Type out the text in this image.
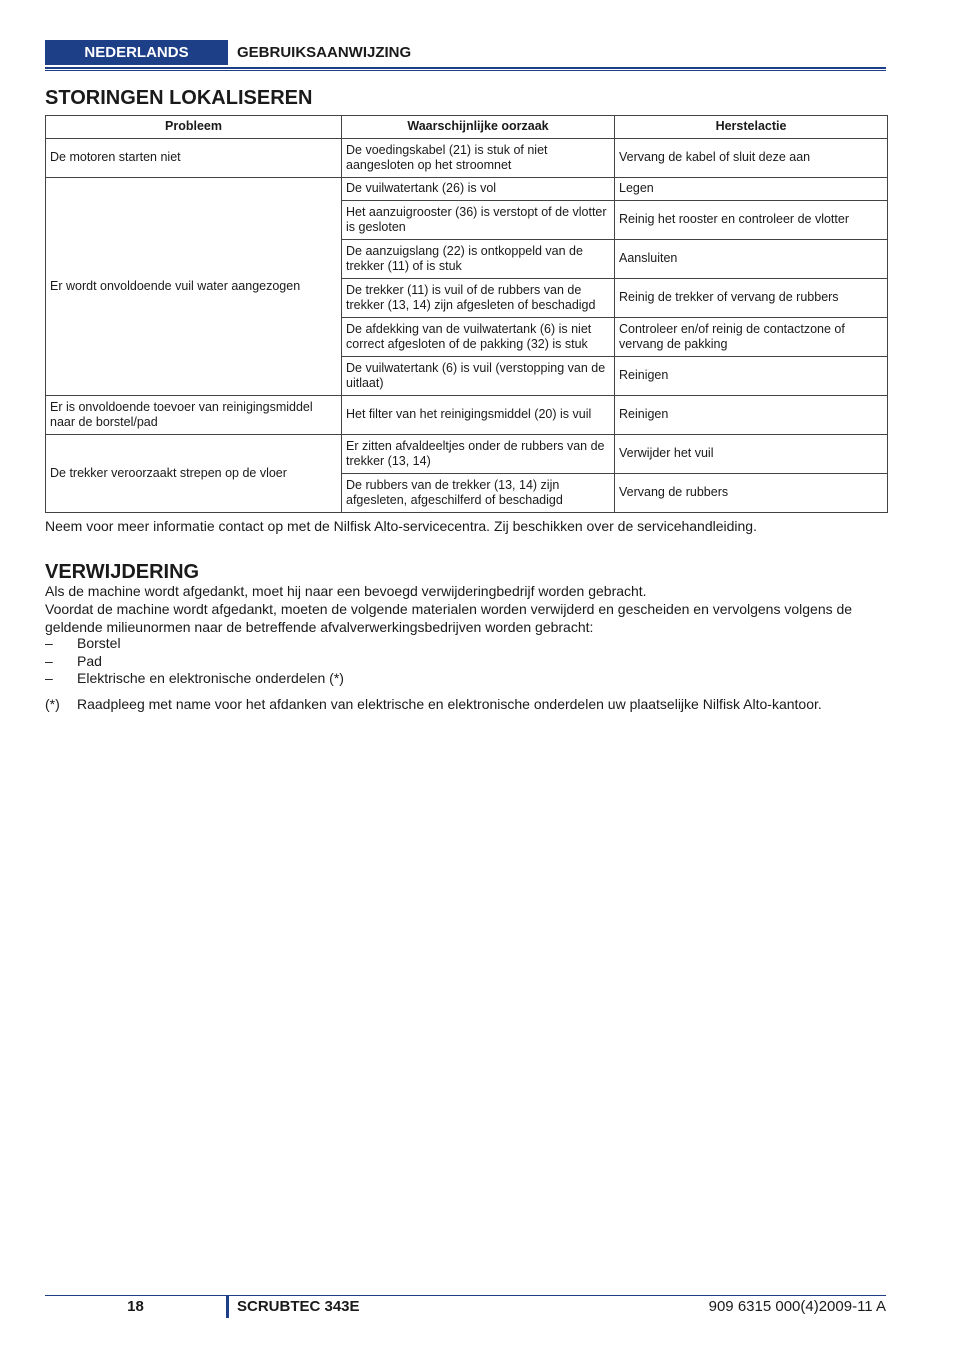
NEDERLANDS	GEBRUIKSAANWIJZING
STORINGEN LOKALISEREN
Probleem	Waarschijnlijke oorzaak	Herstelactie
De motoren starten niet	De voedingskabel (21) is stuk of niet aangesloten op het stroomnet	Vervang de kabel of sluit deze aan
Er wordt onvoldoende vuil water aangezogen	De vuilwatertank (26) is vol	Legen
	Het aanzuigrooster (36) is verstopt of de vlotter is gesloten	Reinig het rooster en controleer de vlotter
	De aanzuigslang (22) is ontkoppeld van de trekker (11) of is stuk	Aansluiten
	De trekker (11) is vuil of de rubbers van de trekker (13, 14) zijn afgesleten of beschadigd	Reinig de trekker of vervang de rubbers
	De afdekking van de vuilwatertank (6) is niet correct afgesloten of de pakking (32) is stuk	Controleer en/of reinig de contactzone of vervang de pakking
	De vuilwatertank (6) is vuil (verstopping van de uitlaat)	Reinigen
Er is onvoldoende toevoer van reinigingsmiddel naar de borstel/pad	Het filter van het reinigingsmiddel (20) is vuil	Reinigen
De trekker veroorzaakt strepen op de vloer	Er zitten afvaldeeltjes onder de rubbers van de trekker (13, 14)	Verwijder het vuil
	De rubbers van de trekker (13, 14) zijn afgesleten, afgeschilferd of beschadigd	Vervang de rubbers

Neem voor meer informatie contact op met de Nilfisk Alto-servicecentra. Zij beschikken over de servicehandleiding.

VERWIJDERING

Als de machine wordt afgedankt, moet hij naar een bevoegd verwijderingbedrijf worden gebracht.

Voordat de machine wordt afgedankt, moeten de volgende materialen worden verwijderd en gescheiden en vervolgens volgens de geldende milieunormen naar de betreffende afvalverwerkingsbedrijven worden gebracht:

–	Borstel
–	Pad
–	Elektrische en elektronische onderdelen (*)
(*)	Raadpleeg met name voor het afdanken van elektrische en elektronische onderdelen uw plaatselijke Nilfisk Alto-kantoor.
18	SCRUBTEC 343E	909 6315 000(4)2009-11 A
